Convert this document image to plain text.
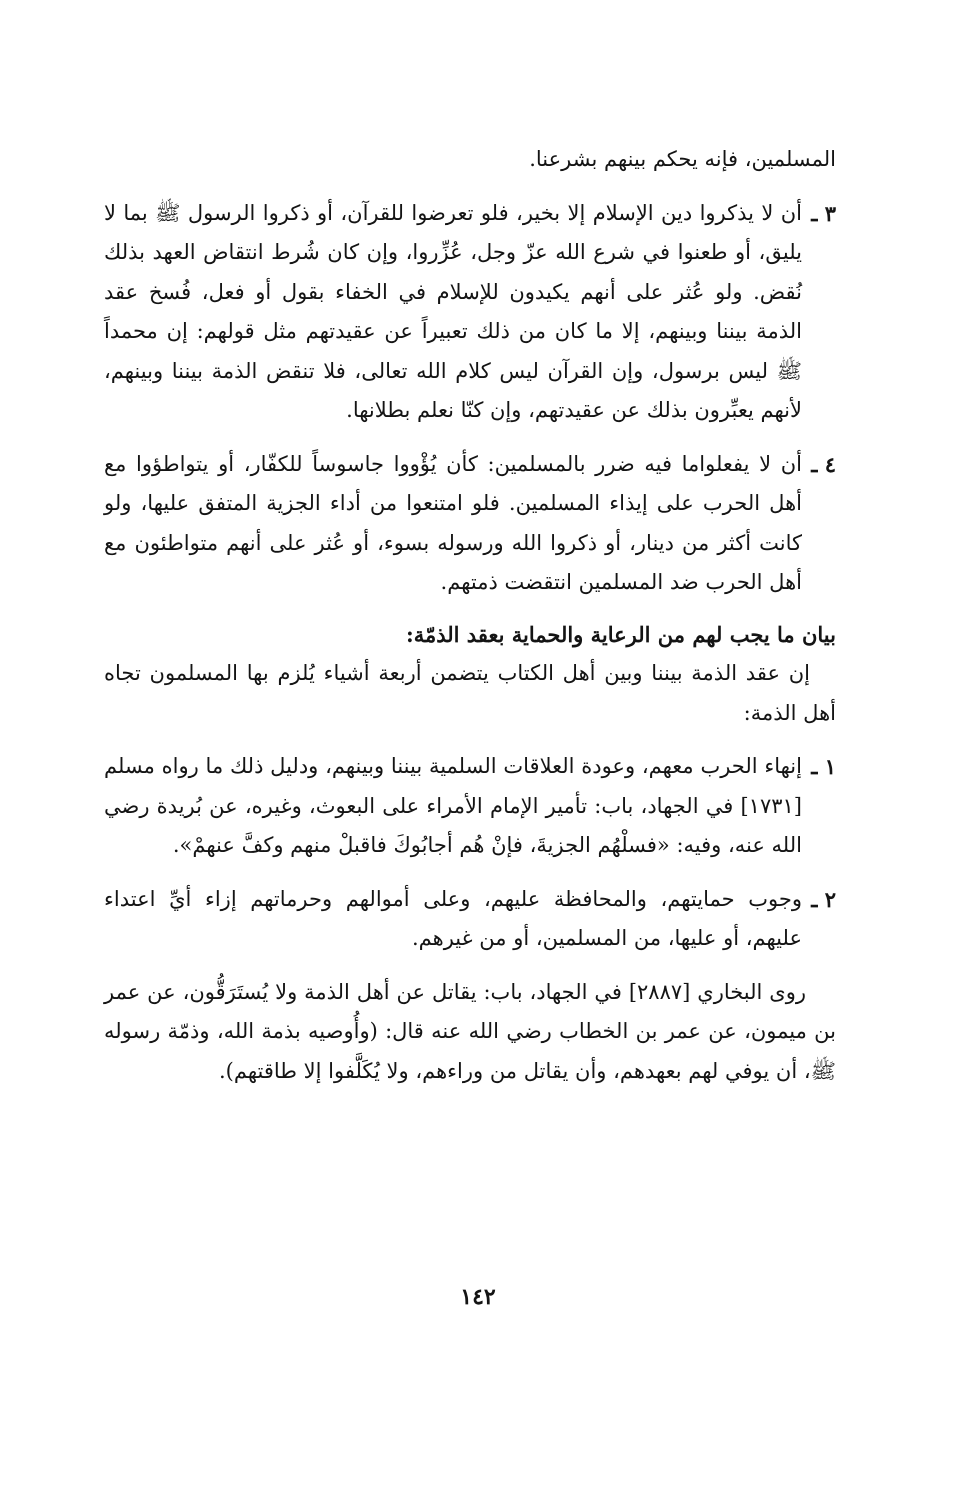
المسلمين، فإنه يحكم بينهم بشرعنا.

٣ ـ
أن لا يذكروا دين الإسلام إلا بخير، فلو تعرضوا للقرآن، أو ذكروا الرسول ﷺ بما لا يليق، أو طعنوا في شرع الله عزّ وجل، عُزِّروا، وإن كان شُرط انتقاض العهد بذلك نُقض. ولو عُثر على أنهم يكيدون للإسلام في الخفاء بقول أو فعل، فُسخ عقد الذمة بيننا وبينهم، إلا ما كان من ذلك تعبيراً عن عقيدتهم مثل قولهم: إن محمداً ﷺ ليس برسول، وإن القرآن ليس كلام الله تعالى، فلا تنقض الذمة بيننا وبينهم، لأنهم يعبِّرون بذلك عن عقيدتهم، وإن كنّا نعلم بطلانها.
٤ ـ
أن لا يفعلواما فيه ضرر بالمسلمين: كأن يُؤْووا جاسوساً للكفّار، أو يتواطؤوا مع أهل الحرب على إيذاء المسلمين. فلو امتنعوا من أداء الجزية المتفق عليها، ولو كانت أكثر من دينار، أو ذكروا الله ورسوله بسوء، أو عُثر على أنهم متواطئون مع أهل الحرب ضد المسلمين انتقضت ذمتهم.

بيان ما يجب لهم من الرعاية والحماية بعقد الذمّة:

إن عقد الذمة بيننا وبين أهل الكتاب يتضمن أربعة أشياء يُلزم بها المسلمون تجاه أهل الذمة:

١ ـ
إنهاء الحرب معهم، وعودة العلاقات السلمية بيننا وبينهم، ودليل ذلك ما رواه مسلم [١٧٣١] في الجهاد، باب: تأمير الإمام الأمراء على البعوث، وغيره، عن بُريدة رضي الله عنه، وفيه: «فسلْهُم الجزيةَ، فإنْ هُم أجابُوكَ فاقبلْ منهم وكفَّ عنهمْ».
٢ ـ
وجوب حمايتهم، والمحافظة عليهم، وعلى أموالهم وحرماتهم إزاء أيِّ اعتداء عليهم، أو عليها، من المسلمين، أو من غيرهم.

روى البخاري [٢٨٨٧] في الجهاد، باب: يقاتل عن أهل الذمة ولا يُستَرَقُّون، عن عمر بن ميمون، عن عمر بن الخطاب رضي الله عنه قال: (وأُوصيه بذمة الله، وذمّة رسوله ﷺ، أن يوفي لهم بعهدهم، وأن يقاتل من وراءهم، ولا يُكَلَّفوا إلا طاقتهم).

١٤٢
